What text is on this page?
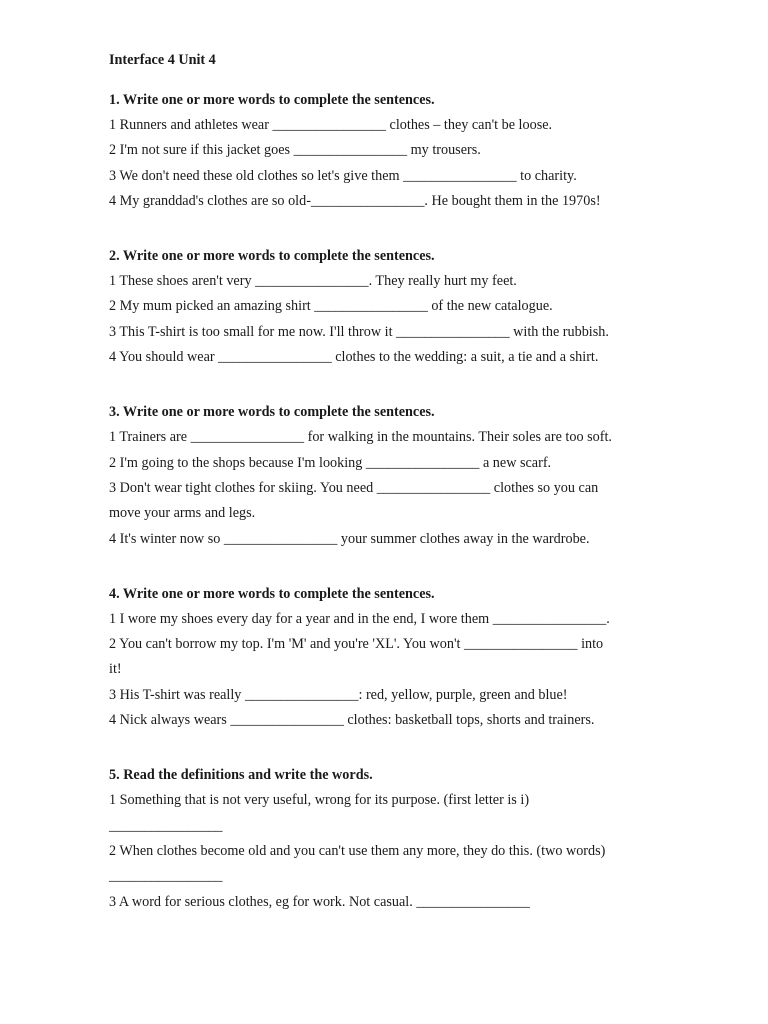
Interface 4 Unit 4
1. Write one or more words to complete the sentences.
1 Runners and athletes wear ________________ clothes – they can't be loose.
2 I'm not sure if this jacket goes ________________ my trousers.
3 We don't need these old clothes so let's give them ________________ to charity.
4 My granddad's clothes are so old-________________. He bought them in the 1970s!
2. Write one or more words to complete the sentences.
1 These shoes aren't very ________________. They really hurt my feet.
2 My mum picked an amazing shirt ________________ of the new catalogue.
3 This T-shirt is too small for me now. I'll throw it ________________ with the rubbish.
4 You should wear ________________ clothes to the wedding: a suit, a tie and a shirt.
3. Write one or more words to complete the sentences.
1 Trainers are ________________ for walking in the mountains. Their soles are too soft.
2 I'm going to the shops because I'm looking ________________ a new scarf.
3 Don't wear tight clothes for skiing. You need ________________ clothes so you can
move your arms and legs.
4 It's winter now so ________________ your summer clothes away in the wardrobe.
4. Write one or more words to complete the sentences.
1 I wore my shoes every day for a year and in the end, I wore them ________________.
2 You can't borrow my top. I'm 'M' and you're 'XL'. You won't ________________ into
it!
3 His T-shirt was really ________________: red, yellow, purple, green and blue!
4 Nick always wears ________________ clothes: basketball tops, shorts and trainers.
5. Read the definitions and write the words.
1 Something that is not very useful, wrong for its purpose. (first letter is i)
________________
2 When clothes become old and you can't use them any more, they do this. (two words)
________________
3 A word for serious clothes, eg for work. Not casual. ________________
